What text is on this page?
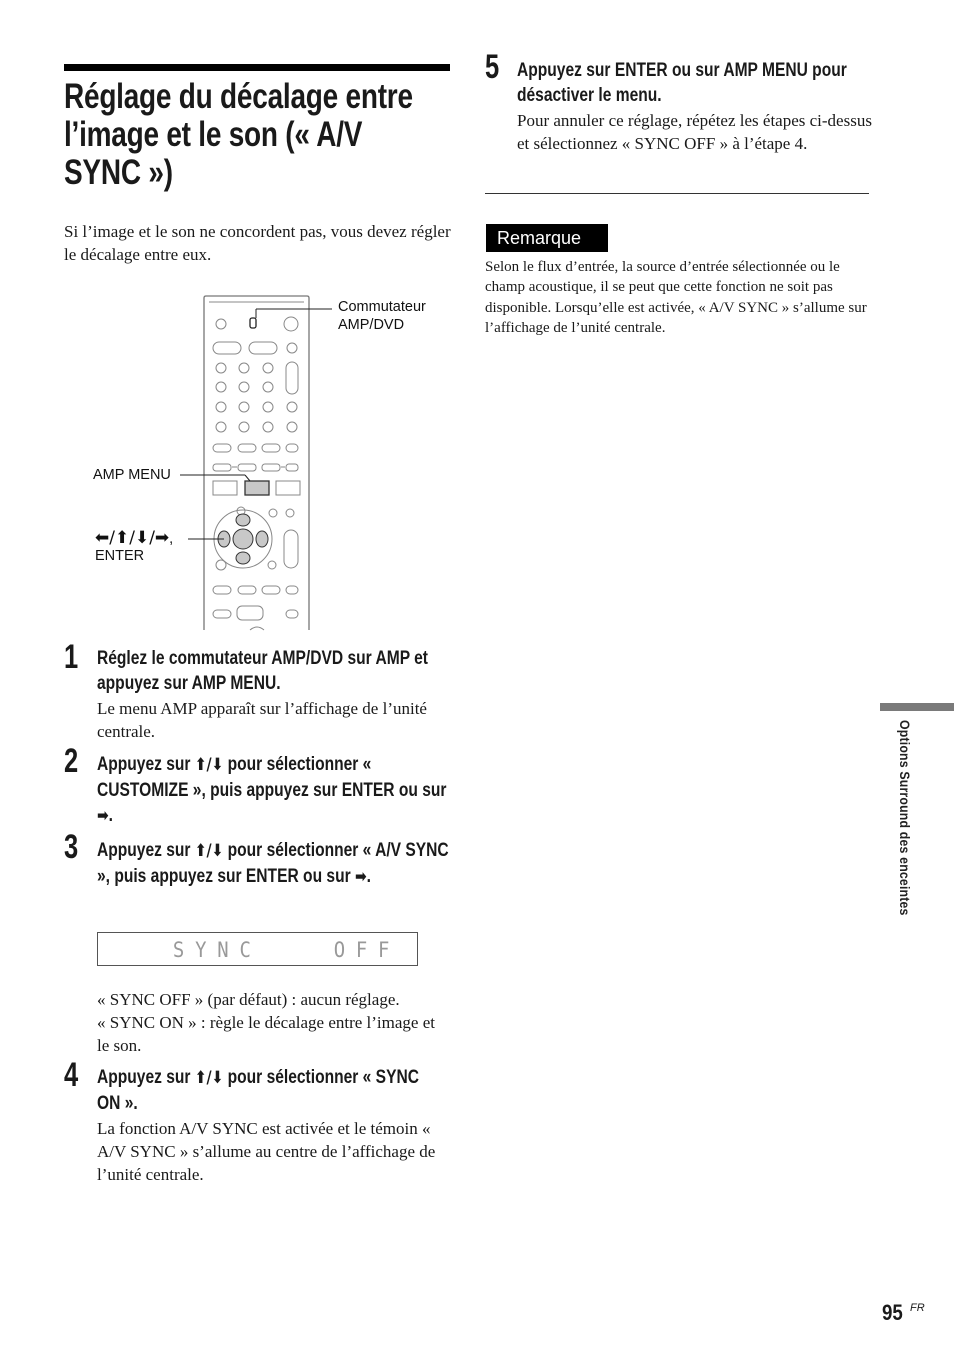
Réglage du décalage entre l’image et le son (« A/V SYNC »)
Si l’image et le son ne concordent pas, vous devez régler le décalage entre eux.
Commutateur
AMP/DVD
AMP MENU
⬅/⬆/⬇/➡,
ENTER
1 Réglez le commutateur AMP/DVD sur AMP et appuyez sur AMP MENU.
Le menu AMP apparaît sur l’affichage de l’unité centrale.
2 Appuyez sur ⬆/⬇ pour sélectionner « CUSTOMIZE », puis appuyez sur ENTER ou sur ➡.
3 Appuyez sur ⬆/⬇ pour sélectionner « A/V SYNC », puis appuyez sur ENTER ou sur ➡.
SYNC	OFF
« SYNC OFF » (par défaut) : aucun réglage.
« SYNC ON » : règle le décalage entre l’image et le son.
4 Appuyez sur ⬆/⬇ pour sélectionner « SYNC ON ».
La fonction A/V SYNC est activée et le témoin « A/V SYNC » s’allume au centre de l’affichage de l’unité centrale.
5 Appuyez sur ENTER ou sur AMP MENU pour désactiver le menu.
Pour annuler ce réglage, répétez les étapes ci-dessus et sélectionnez « SYNC OFF » à l’étape 4.
Remarque
Selon le flux d’entrée, la source d’entrée sélectionnée ou le champ acoustique, il se peut que cette fonction ne soit pas disponible. Lorsqu’elle est activée, « A/V SYNC » s’allume sur l’affichage de l’unité centrale.
Options Surround des enceintes
95 FR
